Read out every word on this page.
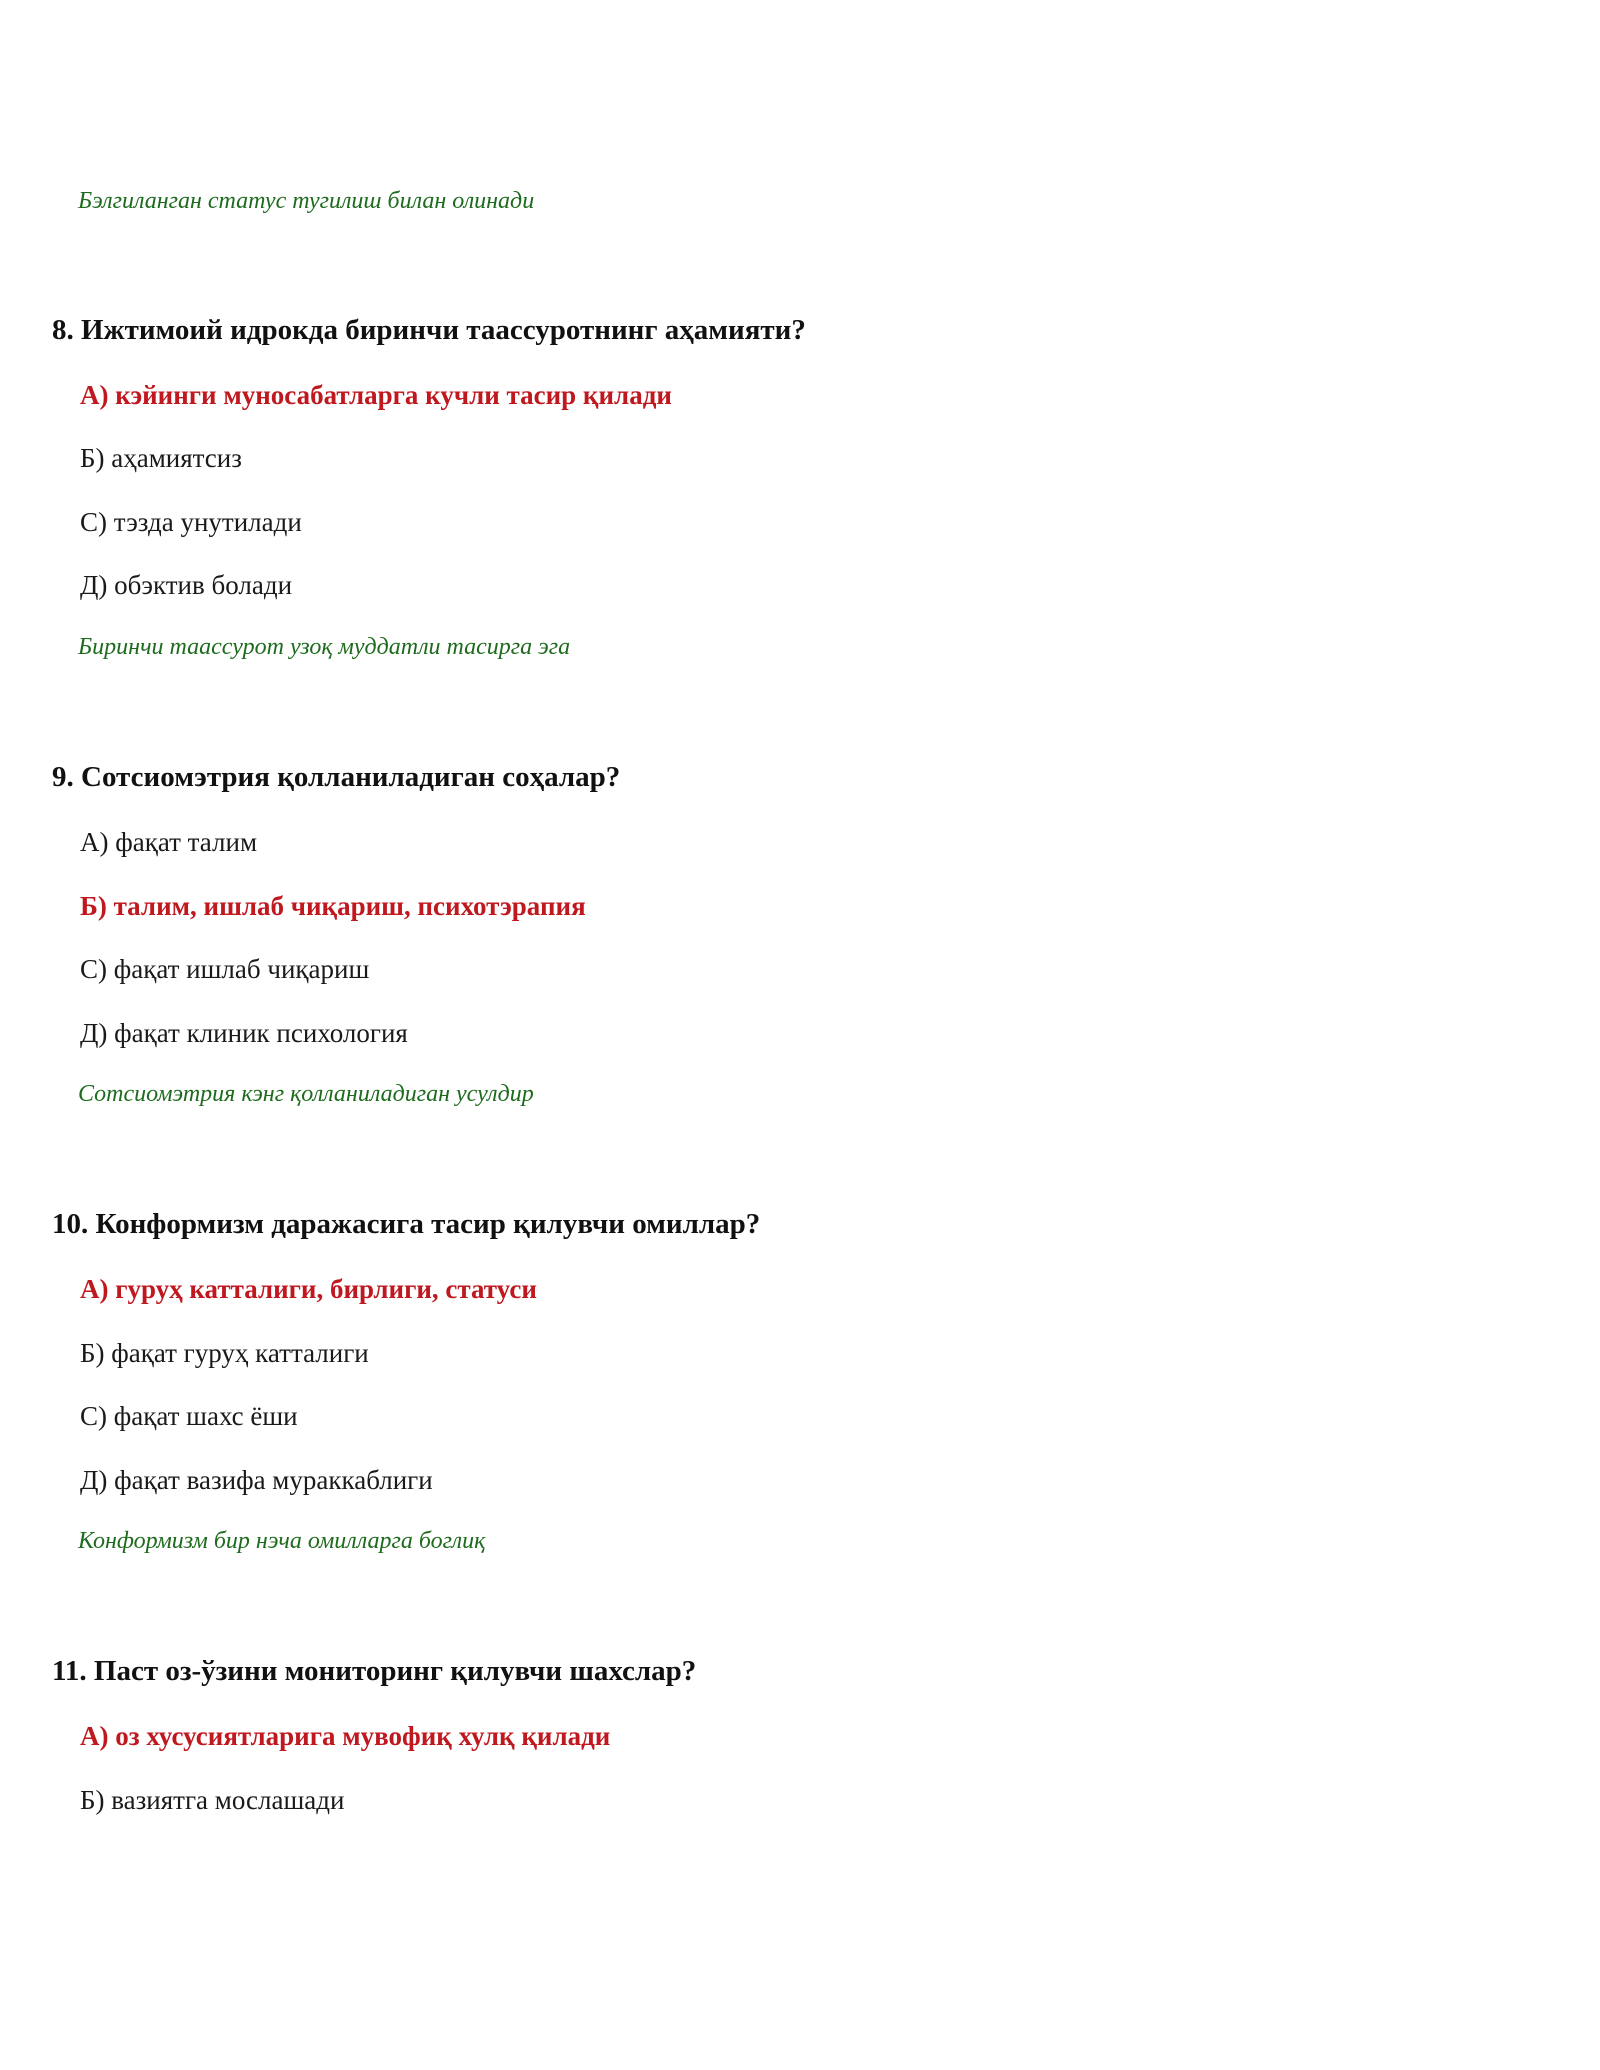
Бэлгиланган статус тугилиш билан олинади
8. Ижтимоий идрокда биринчи таассуротнинг аҳамияти?
А) кэйинги муносабатларга кучли тасир қилади
Б) аҳамиятсиз
С) тэзда унутилади
Д) обэктив болади
Биринчи таассурот узоқ муддатли тасирга эга
9. Сотсиомэтрия қолланиладиган соҳалар?
А) фақат талим
Б) талим, ишлаб чиқариш, психотэрапия
С) фақат ишлаб чиқариш
Д) фақат клиник психология
Сотсиомэтрия кэнг қолланиладиган усулдир
10. Конформизм даражасига тасир қилувчи омиллар?
А) гуруҳ катталиги, бирлиги, статуси
Б) фақат гуруҳ катталиги
С) фақат шахс ёши
Д) фақат вазифа мураккаблиги
Конформизм бир нэча омилларга боглиқ
11. Паст оз-ўзини мониторинг қилувчи шахслар?
А) оз хусусиятларига мувофиқ хулқ қилади
Б) вазиятга мослашади
